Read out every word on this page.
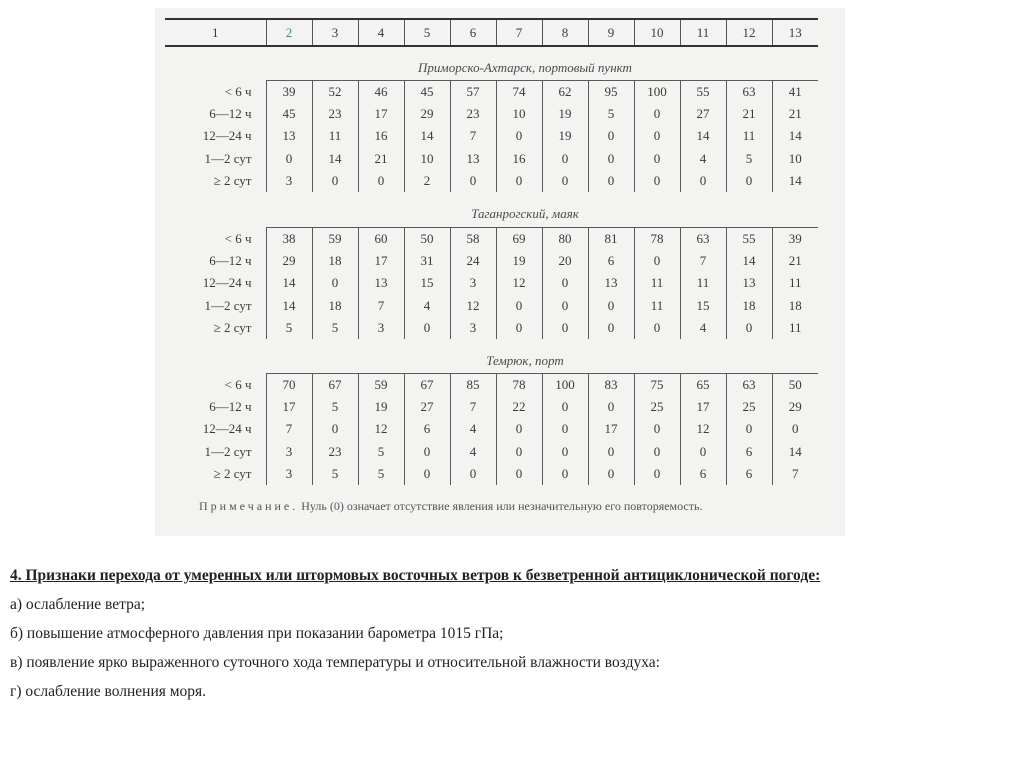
1	2	3	4	5	6	7	8	9	10	11	12	13
Приморско-Ахтарск, портовый пункт
< 6 ч	39	52	46	45	57	74	62	95	100	55	63	41
6—12 ч	45	23	17	29	23	10	19	5	0	27	21	21
12—24 ч	13	11	16	14	7	0	19	0	0	14	11	14
1—2 сут	0	14	21	10	13	16	0	0	0	4	5	10
≥ 2 сут	3	0	0	2	0	0	0	0	0	0	0	14
Таганрогский, маяк
< 6 ч	38	59	60	50	58	69	80	81	78	63	55	39
6—12 ч	29	18	17	31	24	19	20	6	0	7	14	21
12—24 ч	14	0	13	15	3	12	0	13	11	11	13	11
1—2 сут	14	18	7	4	12	0	0	0	11	15	18	18
≥ 2 сут	5	5	3	0	3	0	0	0	0	4	0	11
Темрюк, порт
< 6 ч	70	67	59	67	85	78	100	83	75	65	63	50
6—12 ч	17	5	19	27	7	22	0	0	25	17	25	29
12—24 ч	7	0	12	6	4	0	0	17	0	12	0	0
1—2 сут	3	23	5	0	4	0	0	0	0	0	6	14
≥ 2 сут	3	5	5	0	0	0	0	0	0	6	6	7
Примечание. Нуль (0) означает отсутствие явления или незначительную его повторяемость.
4. Признаки перехода от умеренных или штормовых восточных ветров к безветренной антициклонической погоде:

а) ослабление ветра;

б) повышение атмосферного давления при показании барометра 1015 гПа;

в) появление ярко выраженного суточного хода температуры и относительной влажности воздуха:

г) ослабление волнения моря.
